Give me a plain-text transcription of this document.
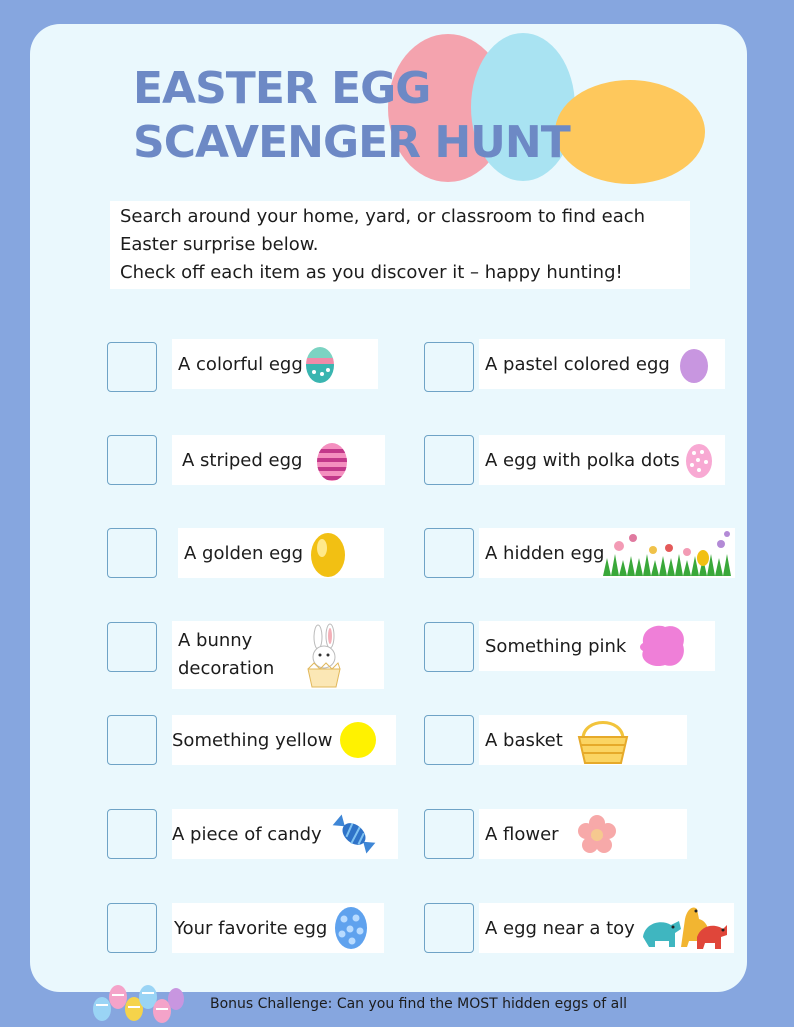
EASTER EGG
SCAVENGER HUNT

Search around your home, yard, or classroom to find each Easter surprise below.

Check off each item as you discover it – happy hunting!

A colorful egg
A striped egg
A golden egg
A bunny decoration
Something yellow
A piece of candy
Your favorite egg
A pastel colored egg
A egg with polka dots
A hidden egg
Something pink
A basket
A flower
A egg near a toy
Bonus Challenge: Can you find the MOST hidden eggs of all
